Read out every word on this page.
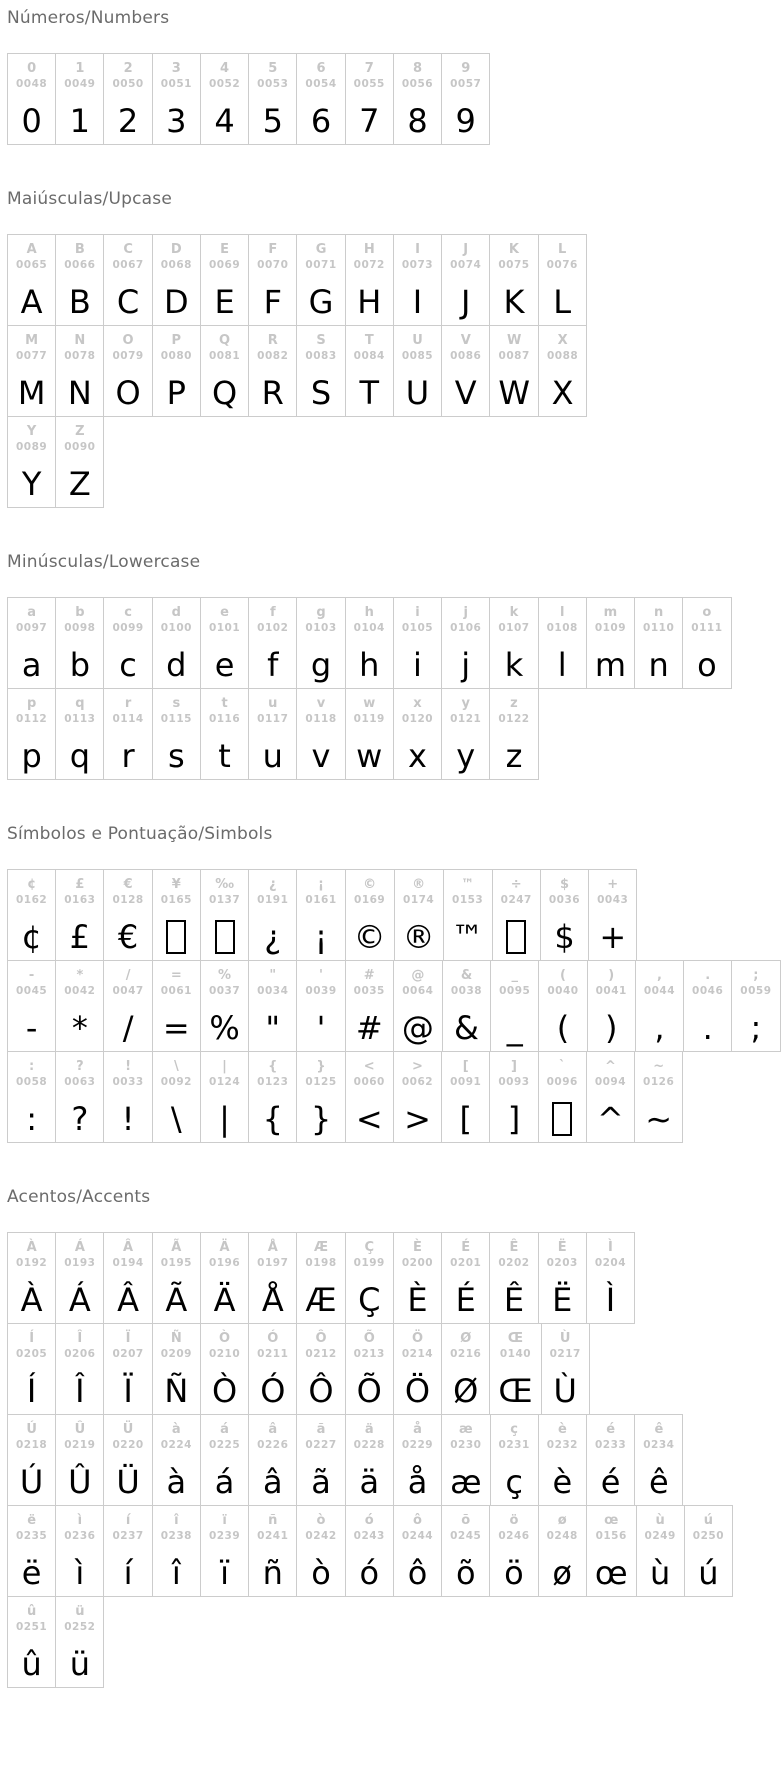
Números/Numbers
0
0048
0
1
0049
1
2
0050
2
3
0051
3
4
0052
4
5
0053
5
6
0054
6
7
0055
7
8
0056
8
9
0057
9
Maiúsculas/Upcase
A
0065
A
B
0066
B
C
0067
C
D
0068
D
E
0069
E
F
0070
F
G
0071
G
H
0072
H
I
0073
I
J
0074
J
K
0075
K
L
0076
L
M
0077
M
N
0078
N
O
0079
O
P
0080
P
Q
0081
Q
R
0082
R
S
0083
S
T
0084
T
U
0085
U
V
0086
V
W
0087
W
X
0088
X
Y
0089
Y
Z
0090
Z
Minúsculas/Lowercase
a
0097
a
b
0098
b
c
0099
c
d
0100
d
e
0101
e
f
0102
f
g
0103
g
h
0104
h
i
0105
i
j
0106
j
k
0107
k
l
0108
l
m
0109
m
n
0110
n
o
0111
o
p
0112
p
q
0113
q
r
0114
r
s
0115
s
t
0116
t
u
0117
u
v
0118
v
w
0119
w
x
0120
x
y
0121
y
z
0122
z
Símbolos e Pontuação/Simbols
¢
0162
¢
£
0163
£
€
0128
€
¥
0165
‰
0137
¿
0191
¿
¡
0161
¡
©
0169
©
®
0174
®
™
0153
™
÷
0247
$
0036
$
+
0043
+
-
0045
-
*
0042
*
/
0047
/
=
0061
=
%
0037
%
"
0034
"
'
0039
'
#
0035
#
@
0064
@
&
0038
&
_
0095
_
(
0040
(
)
0041
)
,
0044
,
.
0046
.
;
0059
;
:
0058
:
?
0063
?
!
0033
!
\
0092
\
|
0124
|
{
0123
{
}
0125
}
<
0060
<
>
0062
>
[
0091
[
]
0093
]
`
0096
^
0094
^
~
0126
~
Acentos/Accents
À
0192
À
Á
0193
Á
Â
0194
Â
Ã
0195
Ã
Ä
0196
Ä
Å
0197
Å
Æ
0198
Æ
Ç
0199
Ç
È
0200
È
É
0201
É
Ê
0202
Ê
Ë
0203
Ë
Ì
0204
Ì
Í
0205
Í
Î
0206
Î
Ï
0207
Ï
Ñ
0209
Ñ
Ò
0210
Ò
Ó
0211
Ó
Ô
0212
Ô
Õ
0213
Õ
Ö
0214
Ö
Ø
0216
Ø
Œ
0140
Œ
Ù
0217
Ù
Ú
0218
Ú
Û
0219
Û
Ü
0220
Ü
à
0224
à
á
0225
á
â
0226
â
ã
0227
ã
ä
0228
ä
å
0229
å
æ
0230
æ
ç
0231
ç
è
0232
è
é
0233
é
ê
0234
ê
ë
0235
ë
ì
0236
ì
í
0237
í
î
0238
î
ï
0239
ï
ñ
0241
ñ
ò
0242
ò
ó
0243
ó
ô
0244
ô
õ
0245
õ
ö
0246
ö
ø
0248
ø
œ
0156
œ
ù
0249
ù
ú
0250
ú
û
0251
û
ü
0252
ü
